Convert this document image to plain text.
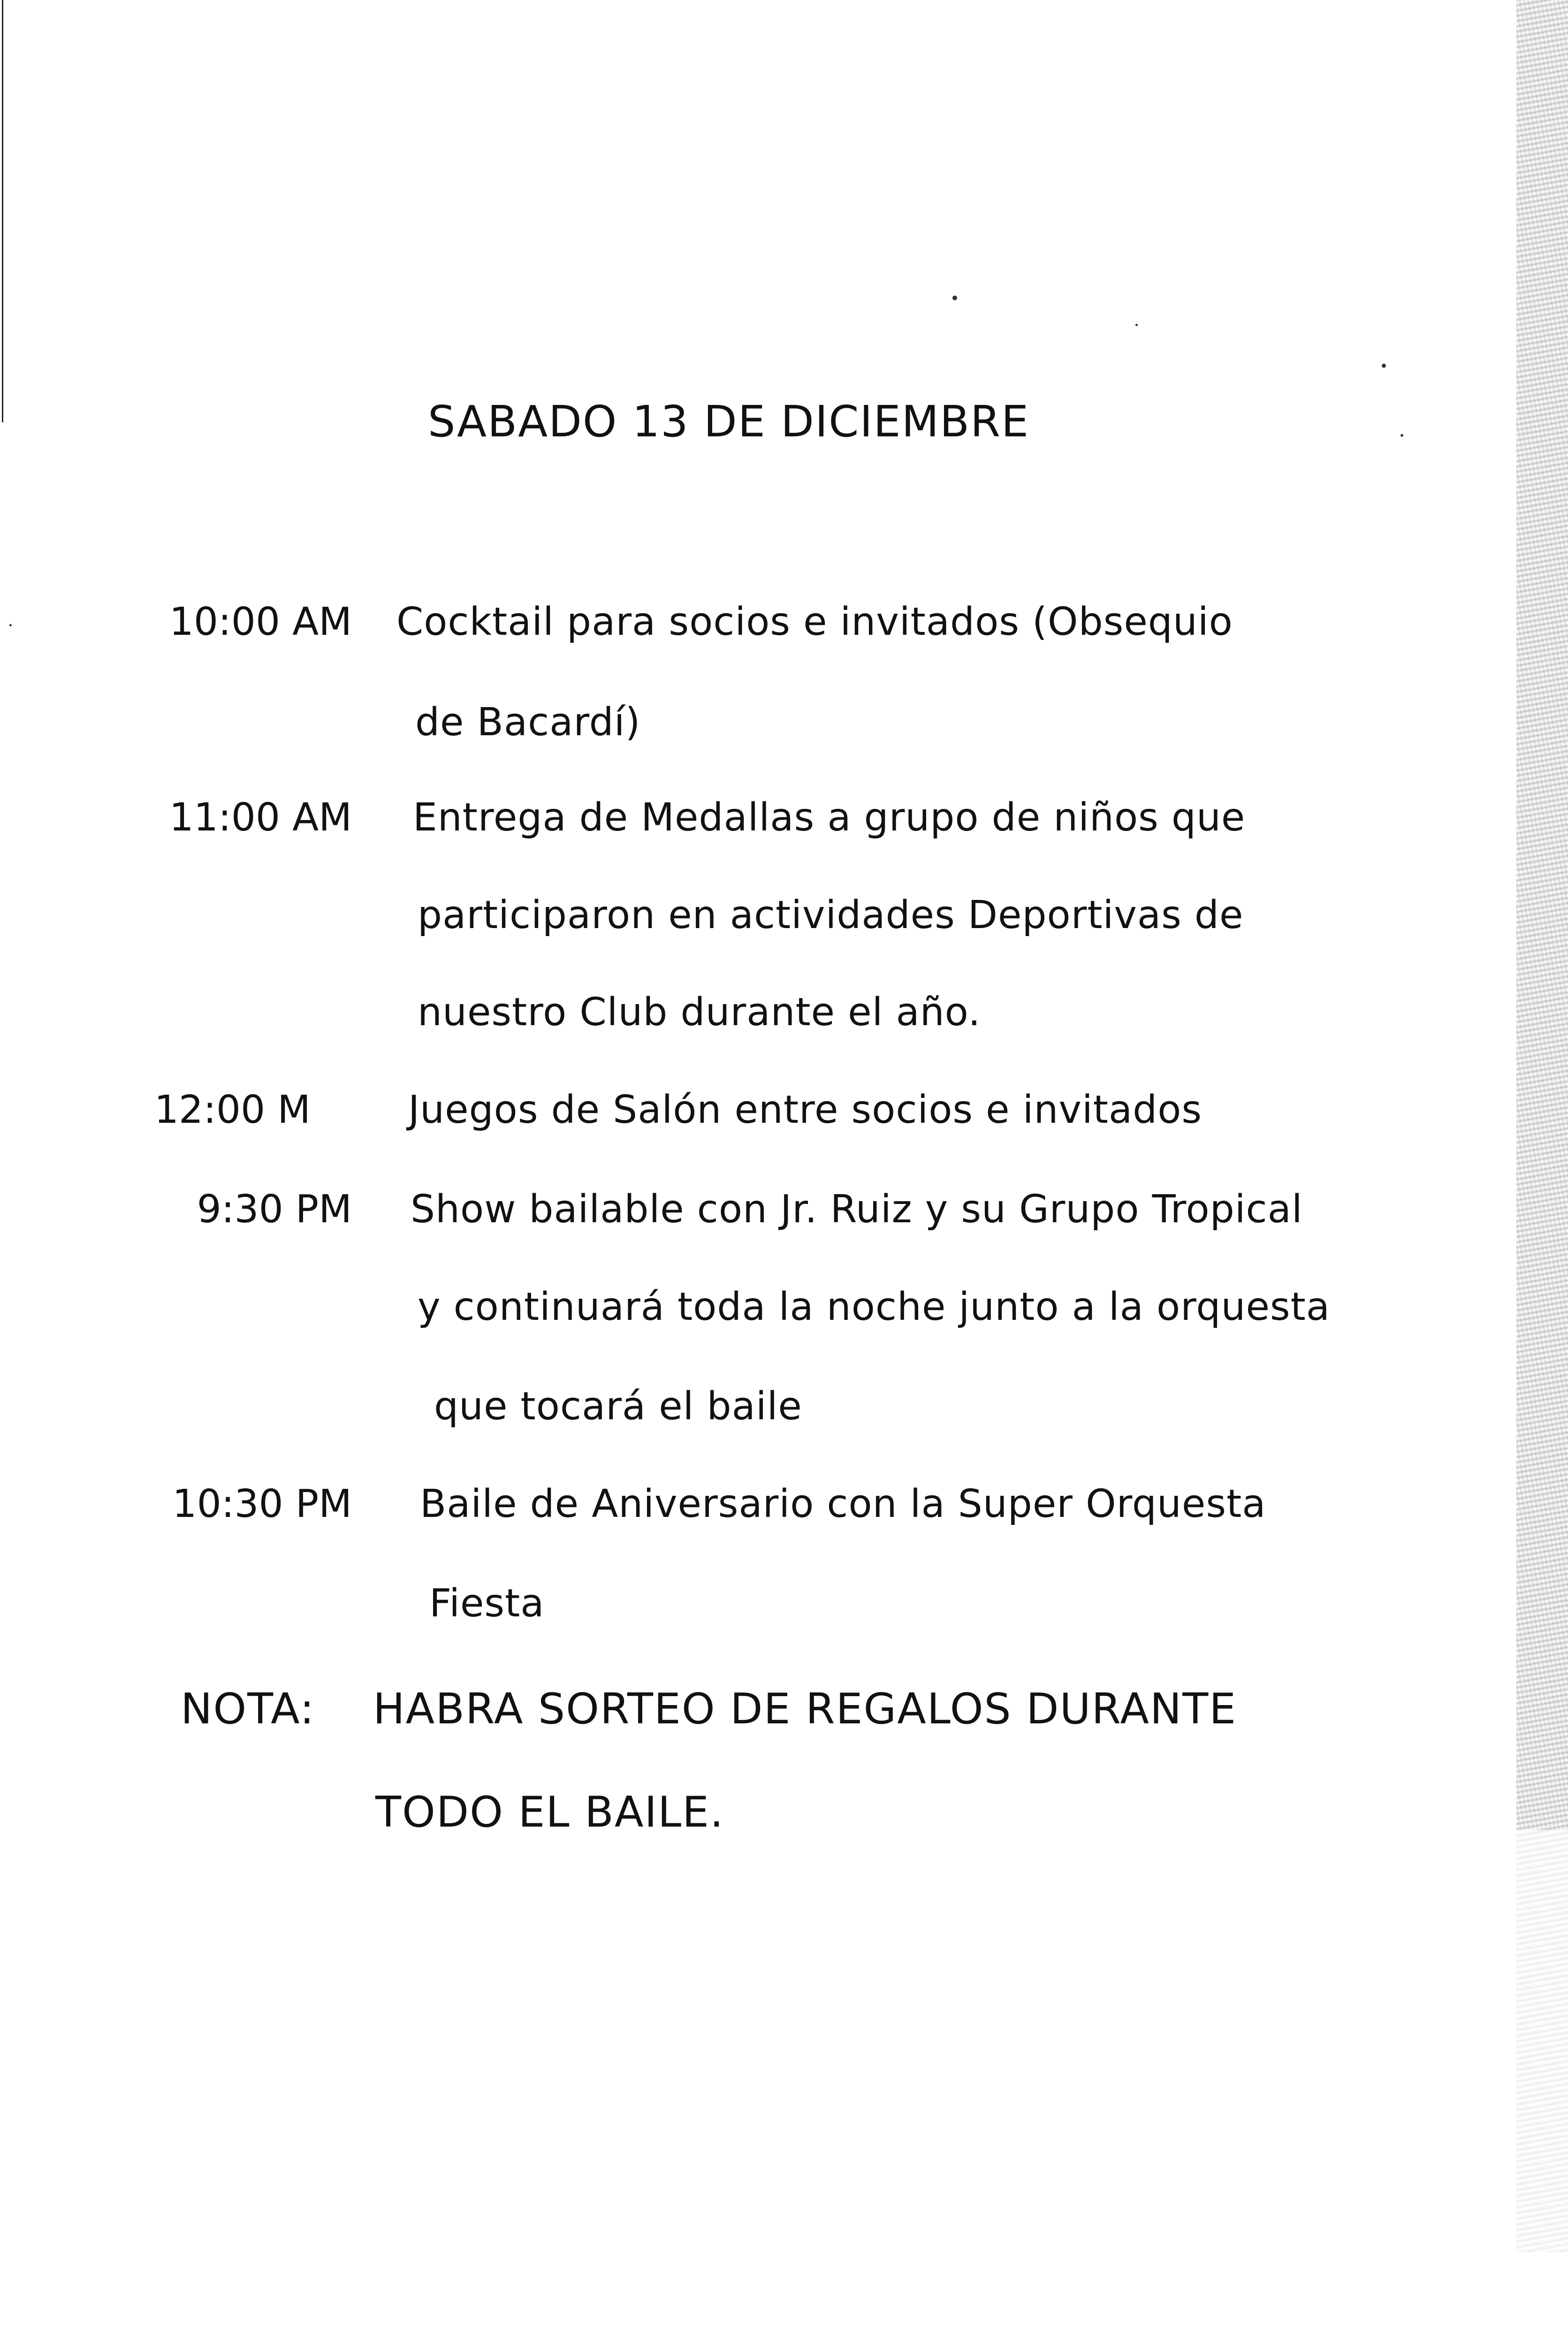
SABADO 13 DE DICIEMBRE
10:00 AM Cocktail para socios e invitados (Obsequio
de Bacardí)
11:00 AM Entrega de Medallas a grupo de niños que
participaron en actividades Deportivas de
nuestro Club durante el año.
12:00 M	Juegos de Salón entre socios e invitados
9:30 PM Show bailable con Jr. Ruiz y su Grupo Tropical
y continuará toda la noche junto a la orquesta
que tocará el baile
10:30 PM Baile de Aniversario con la Super Orquesta
Fiesta
NOTA: HABRA SORTEO DE REGALOS DURANTE
TODO EL BAILE.
